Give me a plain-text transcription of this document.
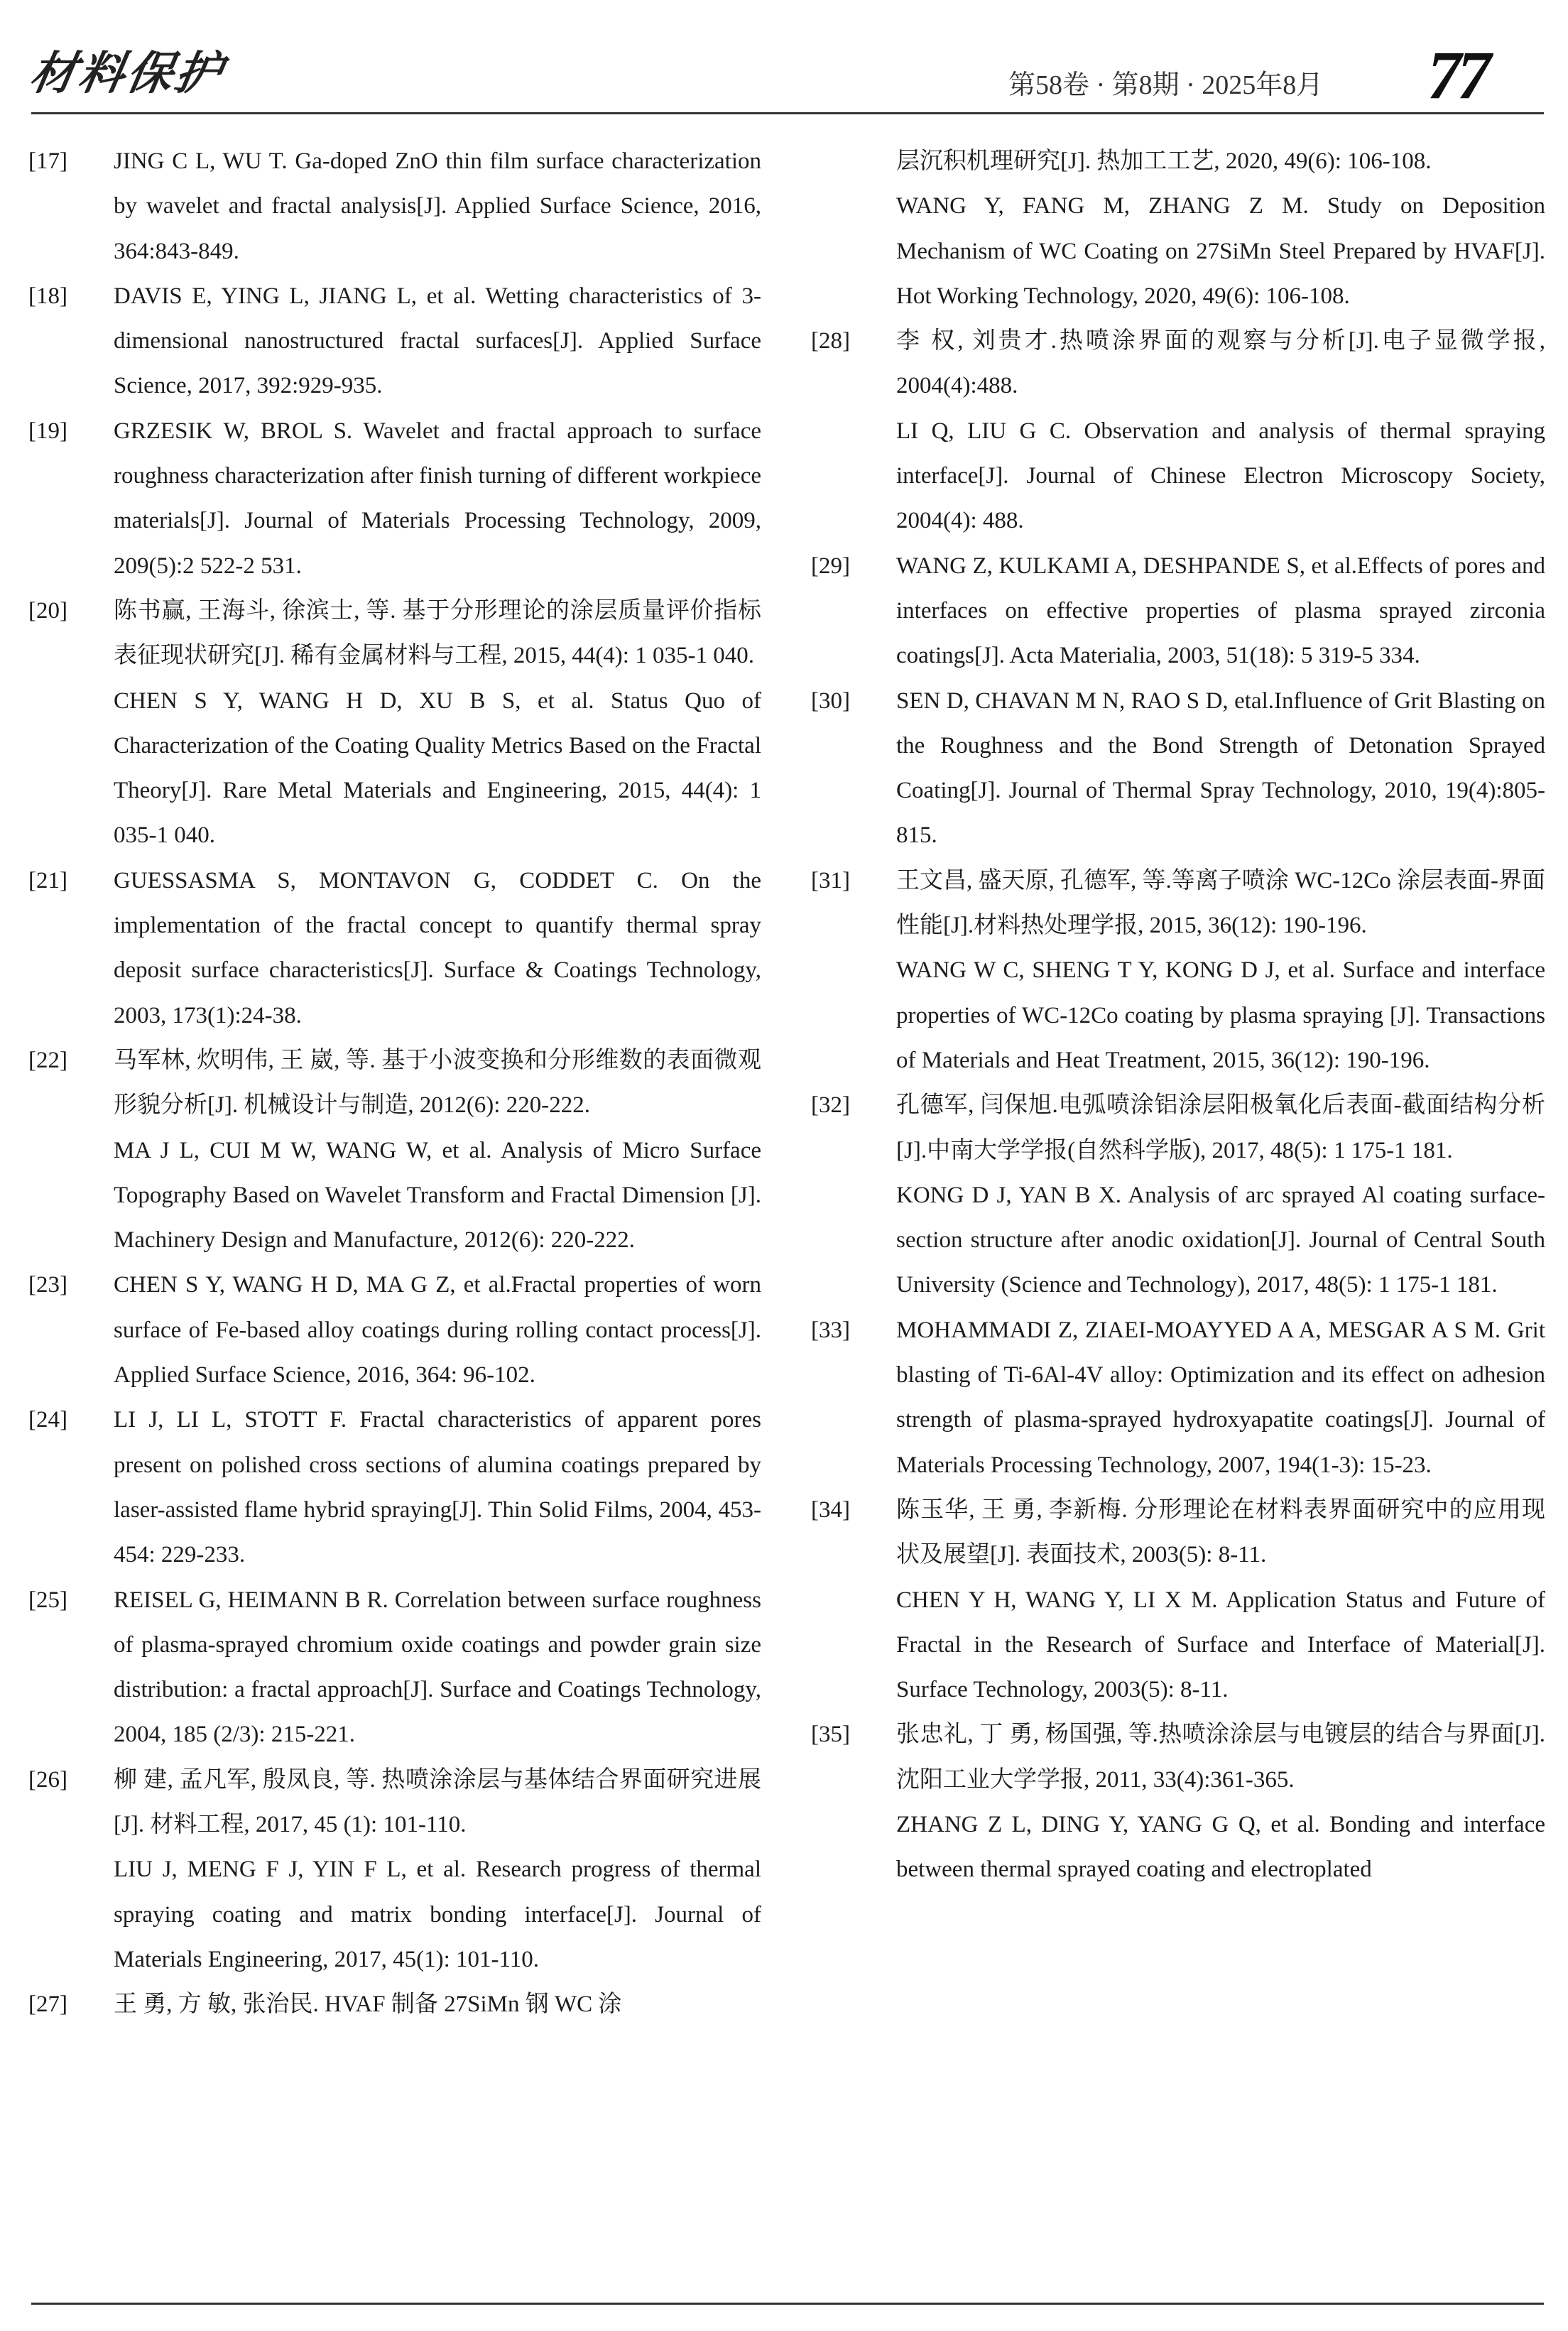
材料保护	第58卷 · 第8期 · 2025年8月 77
[17]	JING C L, WU T. Ga-doped ZnO thin film surface characterization by wavelet and fractal analysis[J]. Applied Surface Science, 2016, 364:843-849.
[18]	DAVIS E, YING L, JIANG L, et al. Wetting characteristics of 3-dimensional nanostructured fractal surfaces[J]. Applied Surface Science, 2017, 392:929-935.
[19]	GRZESIK W, BROL S. Wavelet and fractal approach to surface roughness characterization after finish turning of different workpiece materials[J]. Journal of Materials Processing Technology, 2009, 209(5):2 522-2 531.
[20]	陈书赢, 王海斗, 徐滨士, 等. 基于分形理论的涂层质量评价指标表征现状研究[J]. 稀有金属材料与工程, 2015, 44(4): 1 035-1 040.
CHEN S Y, WANG H D, XU B S, et al. Status Quo of Characterization of the Coating Quality Metrics Based on the Fractal Theory[J]. Rare Metal Materials and Engineering, 2015, 44(4): 1 035-1 040.
[21]	GUESSASMA S, MONTAVON G, CODDET C. On the implementation of the fractal concept to quantify thermal spray deposit surface characteristics[J]. Surface & Coatings Technology, 2003, 173(1):24-38.
[22]	马军林, 炊明伟, 王 崴, 等. 基于小波变换和分形维数的表面微观形貌分析[J]. 机械设计与制造, 2012(6): 220-222.
MA J L, CUI M W, WANG W, et al. Analysis of Micro Surface Topography Based on Wavelet Transform and Fractal Dimension [J]. Machinery Design and Manufacture, 2012(6): 220-222.
[23]	CHEN S Y, WANG H D, MA G Z, et al.Fractal properties of worn surface of Fe-based alloy coatings during rolling contact process[J]. Applied Surface Science, 2016, 364: 96-102.
[24]	LI J, LI L, STOTT F. Fractal characteristics of apparent pores present on polished cross sections of alumina coatings prepared by laser-assisted flame hybrid spraying[J]. Thin Solid Films, 2004, 453-454: 229-233.
[25]	REISEL G, HEIMANN B R. Correlation between surface roughness of plasma-sprayed chromium oxide coatings and powder grain size distribution: a fractal approach[J]. Surface and Coatings Technology, 2004, 185 (2/3): 215-221.
[26]	柳 建, 孟凡军, 殷凤良, 等. 热喷涂涂层与基体结合界面研究进展[J]. 材料工程, 2017, 45 (1): 101-110.
LIU J, MENG F J, YIN F L, et al. Research progress of thermal spraying coating and matrix bonding interface[J]. Journal of Materials Engineering, 2017, 45(1): 101-110.
[27]	王 勇, 方 敏, 张治民. HVAF 制备 27SiMn 钢 WC 涂
层沉积机理研究[J]. 热加工工艺, 2020, 49(6): 106-108.
WANG Y, FANG M, ZHANG Z M. Study on Deposition Mechanism of WC Coating on 27SiMn Steel Prepared by HVAF[J]. Hot Working Technology, 2020, 49(6): 106-108.
[28]	李 权, 刘贵才.热喷涂界面的观察与分析[J].电子显微学报, 2004(4):488.
LI Q, LIU G C. Observation and analysis of thermal spraying interface[J]. Journal of Chinese Electron Microscopy Society, 2004(4): 488.
[29]	WANG Z, KULKAMI A, DESHPANDE S, et al.Effects of pores and interfaces on effective properties of plasma sprayed zirconia coatings[J]. Acta Materialia, 2003, 51(18): 5 319-5 334.
[30]	SEN D, CHAVAN M N, RAO S D, etal.Influence of Grit Blasting on the Roughness and the Bond Strength of Detonation Sprayed Coating[J]. Journal of Thermal Spray Technology, 2010, 19(4):805-815.
[31]	王文昌, 盛天原, 孔德军, 等.等离子喷涂 WC-12Co 涂层表面-界面性能[J].材料热处理学报, 2015, 36(12): 190-196.
WANG W C, SHENG T Y, KONG D J, et al. Surface and interface properties of WC-12Co coating by plasma spraying [J]. Transactions of Materials and Heat Treatment, 2015, 36(12): 190-196.
[32]	孔德军, 闫保旭.电弧喷涂铝涂层阳极氧化后表面-截面结构分析[J].中南大学学报(自然科学版), 2017, 48(5): 1 175-1 181.
KONG D J, YAN B X. Analysis of arc sprayed Al coating surface-section structure after anodic oxidation[J]. Journal of Central South University (Science and Technology), 2017, 48(5): 1 175-1 181.
[33]	MOHAMMADI Z, ZIAEI-MOAYYED A A, MESGAR A S M. Grit blasting of Ti-6Al-4V alloy: Optimization and its effect on adhesion strength of plasma-sprayed hydroxyapatite coatings[J]. Journal of Materials Processing Technology, 2007, 194(1-3): 15-23.
[34]	陈玉华, 王 勇, 李新梅. 分形理论在材料表界面研究中的应用现状及展望[J]. 表面技术, 2003(5): 8-11.
CHEN Y H, WANG Y, LI X M. Application Status and Future of Fractal in the Research of Surface and Interface of Material[J]. Surface Technology, 2003(5): 8-11.
[35]	张忠礼, 丁 勇, 杨国强, 等.热喷涂涂层与电镀层的结合与界面[J].沈阳工业大学学报, 2011, 33(4):361-365.
ZHANG Z L, DING Y, YANG G Q, et al. Bonding and interface between thermal sprayed coating and electroplated
